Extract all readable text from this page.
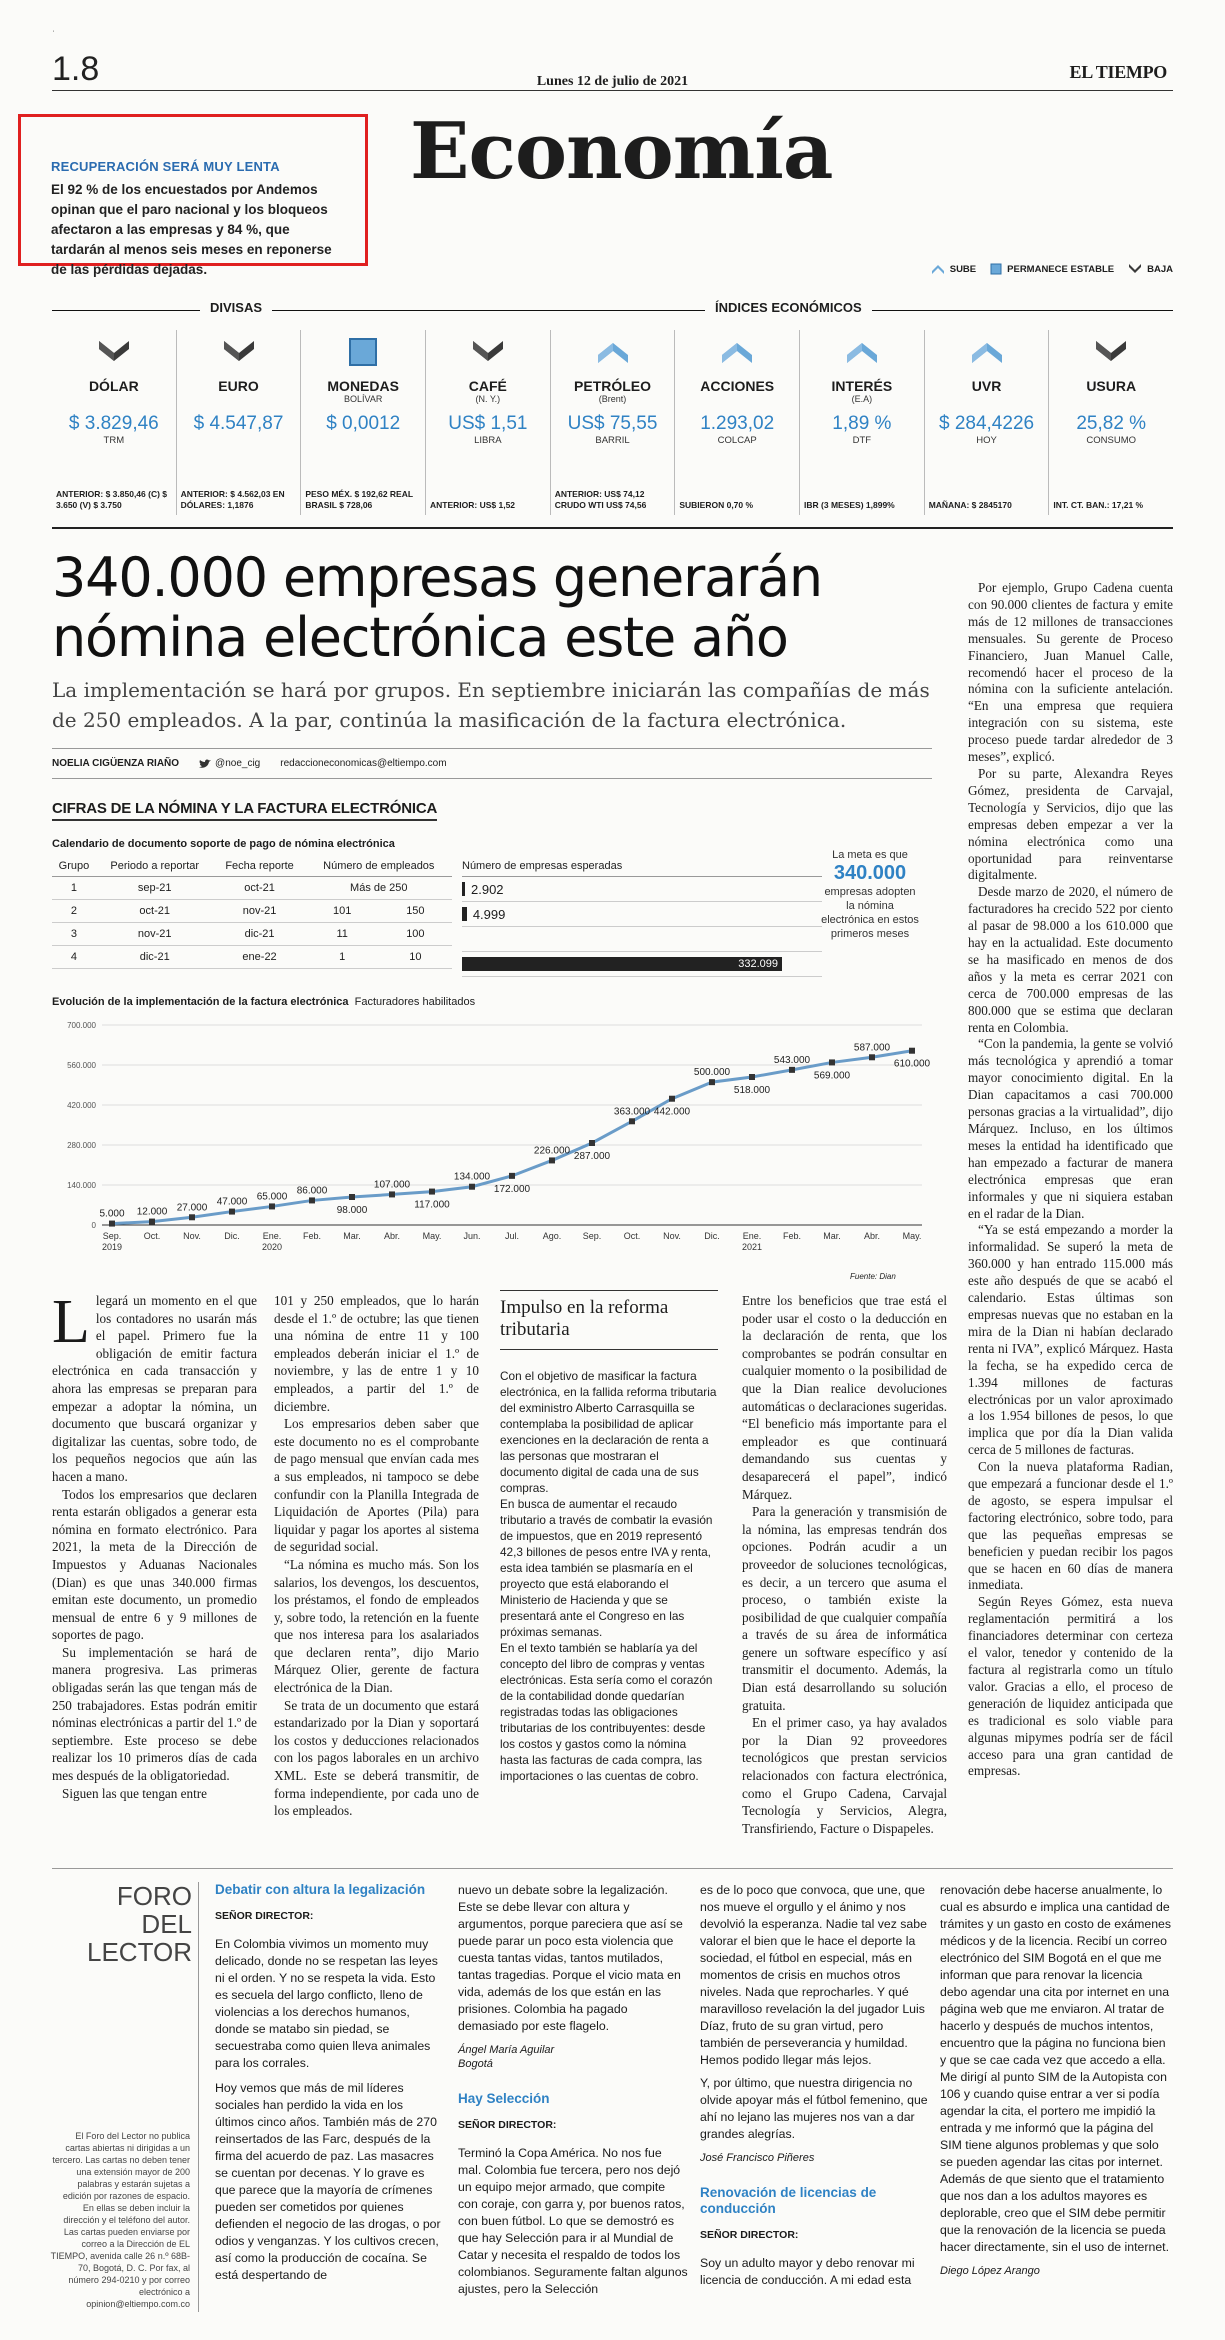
ˈ
1.8	Lunes 12 de julio de 2021	EL TIEMPO
Economía
RECUPERACIÓN SERÁ MUY LENTA

El 92 % de los encuestados por Andemos opinan que el paro nacional y los bloqueos afectaron a las empresas y 84 %, que tardarán al menos seis meses en reponerse de las pérdidas dejadas.	SUBE	PERMANECE ESTABLE	BAJA
DIVISAS	ÍNDICES ECONÓMICOS
DÓLAR
$ 3.829,46
TRM
ANTERIOR: $ 3.850,46 (C) $ 3.650 (V) $ 3.750
EURO
$ 4.547,87
ANTERIOR: $ 4.562,03 EN DÓLARES: 1,1876
MONEDAS
BOLÍVAR
$ 0,0012
PESO MÉX. $ 192,62 REAL BRASIL $ 728,06
CAFÉ
(N. Y.)
US$ 1,51
LIBRA
ANTERIOR: US$ 1,52
PETRÓLEO
(Brent)
US$ 75,55
BARRIL
ANTERIOR: US$ 74,12 CRUDO WTI US$ 74,56
ACCIONES
1.293,02
COLCAP
SUBIERON 0,70 %
INTERÉS
(E.A)
1,89 %
DTF
IBR (3 MESES) 1,899%
UVR
$ 284,4226
HOY
MAÑANA: $ 2845170
USURA
25,82 %
CONSUMO
INT. CT. BAN.: 17,21 %
340.000 empresas generarán nómina electrónica este año

La implementación se hará por grupos. En septiembre iniciarán las compañías de más de 250 empleados. A la par, continúa la masificación de la factura electrónica.

NOELIA CIGÜENZA RIAÑO	@noe_cig redaccioneconomicas@eltiempo.com
CIFRAS DE LA NÓMINA Y LA FACTURA ELECTRÓNICA
Calendario de documento soporte de pago de nómina electrónica
Grupo	Periodo a reportar	Fecha reporte	Número de empleados	
1	sep-21	oct-21	Más de 250	
2	oct-21	nov-21	101	150
3	nov-21	dic-21	11	100
4	dic-21	ene-22	1	10
Número de empresas esperadas
2.902
4.999
332.099
La meta es que
340.000
empresas adopten la nómina electrónica en estos primeros meses
Evolución de la implementación de la factura electrónica Facturadores habilitados
0
140.000
280.000
420.000
560.000
700.000
5.000
Sep.
2019
12.000
Oct.
27.000
Nov.
47.000
Dic.
65.000
Ene.
2020
86.000
Feb.
98.000
Mar.
107.000
Abr.
117.000
May.
134.000
Jun.
172.000
Jul.
226.000
Ago.
287.000
Sep.
363.000
Oct.
442.000
Nov.
500.000
Dic.
518.000
Ene.
2021
543.000
Feb.
569.000
Mar.
587.000
Abr.
610.000
May.
Fuente: Dian

Llegará un momento en el que los contadores no usarán más el papel. Primero fue la obligación de emitir factura electrónica en cada transacción y ahora las empresas se preparan para empezar a adoptar la nómina, un documento que buscará organizar y digitalizar las cuentas, sobre todo, de los pequeños negocios que aún las hacen a mano.

Todos los empresarios que declaren renta estarán obligados a generar esta nómina en formato electrónico. Para 2021, la meta de la Dirección de Impuestos y Aduanas Nacionales (Dian) es que unas 340.000 firmas emitan este documento, un promedio mensual de entre 6 y 9 millones de soportes de pago.

Su implementación se hará de manera progresiva. Las primeras obligadas serán las que tengan más de 250 trabajadores. Estas podrán emitir nóminas electrónicas a partir del 1.º de septiembre. Este proceso se debe realizar los 10 primeros días de cada mes después de la obligatoriedad.

Siguen las que tengan entre

101 y 250 empleados, que lo harán desde el 1.º de octubre; las que tienen una nómina de entre 11 y 100 empleados deberán iniciar el 1.º de noviembre, y las de entre 1 y 10 empleados, a partir del 1.º de diciembre.

Los empresarios deben saber que este documento no es el comprobante de pago mensual que envían cada mes a sus empleados, ni tampoco se debe confundir con la Planilla Integrada de Liquidación de Aportes (Pila) para liquidar y pagar los aportes al sistema de seguridad social.

“La nómina es mucho más. Son los salarios, los devengos, los descuentos, los préstamos, el fondo de empleados y, sobre todo, la retención en la fuente que nos interesa para los asalariados que declaren renta”, dijo Mario Márquez Olier, gerente de factura electrónica de la Dian.

Se trata de un documento que estará estandarizado por la Dian y soportará los costos y deducciones relacionados con los pagos laborales en un archivo XML. Este se deberá transmitir, de forma independiente, por cada uno de los empleados.

Impulso en la reforma tributaria

Con el objetivo de masificar la factura electrónica, en la fallida reforma tributaria del exministro Alberto Carrasquilla se contemplaba la posibilidad de aplicar exenciones en la declaración de renta a las personas que mostraran el documento digital de cada una de sus compras.

En busca de aumentar el recaudo tributario a través de combatir la evasión de impuestos, que en 2019 representó 42,3 billones de pesos entre IVA y renta, esta idea también se plasmaría en el proyecto que está elaborando el Ministerio de Hacienda y que se presentará ante el Congreso en las próximas semanas.

En el texto también se hablaría ya del concepto del libro de compras y ventas electrónicas. Esta sería como el corazón de la contabilidad donde quedarían registradas todas las obligaciones tributarias de los contribuyentes: desde los costos y gastos como la nómina hasta las facturas de cada compra, las importaciones o las cuentas de cobro.

Entre los beneficios que trae está el poder usar el costo o la deducción en la declaración de renta, que los comprobantes se podrán consultar en cualquier momento o la posibilidad de que la Dian realice devoluciones automáticas o declaraciones sugeridas. “El beneficio más importante para el empleador es que continuará demandando sus cuentas y desaparecerá el papel”, indicó Márquez.

Para la generación y transmisión de la nómina, las empresas tendrán dos opciones. Podrán acudir a un proveedor de soluciones tecnológicas, es decir, a un tercero que asuma el proceso, o también existe la posibilidad de que cualquier compañía a través de su área de informática genere un software específico y así transmitir el documento. Además, la Dian está desarrollando su solución gratuita.

En el primer caso, ya hay avalados por la Dian 92 proveedores tecnológicos que prestan servicios relacionados con factura electrónica, como el Grupo Cadena, Carvajal Tecnología y Servicios, Alegra, Transfiriendo, Facture o Dispapeles.

Por ejemplo, Grupo Cadena cuenta con 90.000 clientes de factura y emite más de 12 millones de transacciones mensuales. Su gerente de Proceso Financiero, Juan Manuel Calle, recomendó hacer el proceso de la nómina con la suficiente antelación. “En una empresa que requiera integración con su sistema, este proceso puede tardar alrededor de 3 meses”, explicó.

Por su parte, Alexandra Reyes Gómez, presidenta de Carvajal, Tecnología y Servicios, dijo que las empresas deben empezar a ver la nómina electrónica como una oportunidad para reinventarse digitalmente.

Desde marzo de 2020, el número de facturadores ha crecido 522 por ciento al pasar de 98.000 a los 610.000 que hay en la actualidad. Este documento se ha masificado en menos de dos años y la meta es cerrar 2021 con cerca de 700.000 empresas de las 800.000 que se estima que declaran renta en Colombia.

“Con la pandemia, la gente se volvió más tecnológica y aprendió a tomar mayor conocimiento digital. En la Dian capacitamos a casi 700.000 personas gracias a la virtualidad”, dijo Márquez. Incluso, en los últimos meses la entidad ha identificado que han empezado a facturar de manera electrónica empresas que eran informales y que ni siquiera estaban en el radar de la Dian.

“Ya se está empezando a morder la informalidad. Se superó la meta de 360.000 y han entrado 115.000 más este año después de que se acabó el calendario. Estas últimas son empresas nuevas que no estaban en la mira de la Dian ni habían declarado renta ni IVA”, explicó Márquez. Hasta la fecha, se ha expedido cerca de 1.394 millones de facturas electrónicas por un valor aproximado a los 1.954 billones de pesos, lo que implica que por día la Dian valida cerca de 5 millones de facturas.

Con la nueva plataforma Radian, que empezará a funcionar desde el 1.º de agosto, se espera impulsar el factoring electrónico, sobre todo, para que las pequeñas empresas se beneficien y puedan recibir los pagos que se hacen en 60 días de manera inmediata.

Según Reyes Gómez, esta nueva reglamentación permitirá a los financiadores determinar con certeza el valor, tenedor y contenido de la factura al registrarla como un título valor. Gracias a ello, el proceso de generación de liquidez anticipada que es tradicional es solo viable para algunas mipymes podría ser de fácil acceso para una gran cantidad de empresas.

FORO DEL LECTOR
El Foro del Lector no publica cartas abiertas ni dirigidas a un tercero. Las cartas no deben tener una extensión mayor de 200 palabras y estarán sujetas a edición por razones de espacio. En ellas se deben incluir la dirección y el teléfono del autor. Las cartas pueden enviarse por correo a la Dirección de EL TIEMPO, avenida calle 26 n.º 68B-70, Bogotá, D. C. Por fax, al número 294-0210 y por correo electrónico a opinion@eltiempo.com.co
Debatir con altura la legalización
SEÑOR DIRECTOR:

En Colombia vivimos un momento muy delicado, donde no se respetan las leyes ni el orden. Y no se respeta la vida. Esto es secuela del largo conflicto, lleno de violencias a los derechos humanos, donde se matabo sin piedad, se secuestraba como quien lleva animales para los corrales.

Hoy vemos que más de mil líderes sociales han perdido la vida en los últimos cinco años. También más de 270 reinsertados de las Farc, después de la firma del acuerdo de paz. Las masacres se cuentan por decenas. Y lo grave es que parece que la mayoría de crímenes pueden ser cometidos por quienes defienden el negocio de las drogas, o por odios y venganzas. Y los cultivos crecen, así como la producción de cocaína. Se está despertando de

nuevo un debate sobre la legalización. Este se debe llevar con altura y argumentos, porque pareciera que así se puede parar un poco esta violencia que cuesta tantas vidas, tantos mutilados, tantas tragedias. Porque el vicio mata en vida, además de los que están en las prisiones. Colombia ha pagado demasiado por este flagelo.

Ángel María Aguilar
Bogotá
Hay Selección
SEÑOR DIRECTOR:

Terminó la Copa América. No nos fue mal. Colombia fue tercera, pero nos dejó un equipo mejor armado, que compite con coraje, con garra y, por buenos ratos, con buen fútbol. Lo que se demostró es que hay Selección para ir al Mundial de Catar y necesita el respaldo de todos los colombianos. Seguramente faltan algunos ajustes, pero la Selección

es de lo poco que convoca, que une, que nos mueve el orgullo y el ánimo y nos devolvió la esperanza. Nadie tal vez sabe valorar el bien que le hace el deporte la sociedad, el fútbol en especial, más en momentos de crisis en muchos otros niveles. Nada que reprocharles. Y qué maravilloso revelación la del jugador Luis Díaz, fruto de su gran virtud, pero también de perseverancia y humildad. Hemos podido llegar más lejos.

Y, por último, que nuestra dirigencia no olvide apoyar más el fútbol femenino, que ahí no lejano las mujeres nos van a dar grandes alegrías.

José Francisco Piñeres
Renovación de licencias de conducción
SEÑOR DIRECTOR:

Soy un adulto mayor y debo renovar mi licencia de conducción. A mi edad esta

renovación debe hacerse anualmente, lo cual es absurdo e implica una cantidad de trámites y un gasto en costo de exámenes médicos y de la licencia. Recibí un correo electrónico del SIM Bogotá en el que me informan que para renovar la licencia debo agendar una cita por internet en una página web que me enviaron. Al tratar de hacerlo y después de muchos intentos, encuentro que la página no funciona bien y que se cae cada vez que accedo a ella. Me dirigí al punto SIM de la Autopista con 106 y cuando quise entrar a ver si podía agendar la cita, el portero me impidió la entrada y me informó que la página del SIM tiene algunos problemas y que solo se pueden agendar las citas por internet. Además de que siento que el tratamiento que nos dan a los adultos mayores es deplorable, creo que el SIM debe permitir que la renovación de la licencia se pueda hacer directamente, sin el uso de internet.

Diego López Arango
